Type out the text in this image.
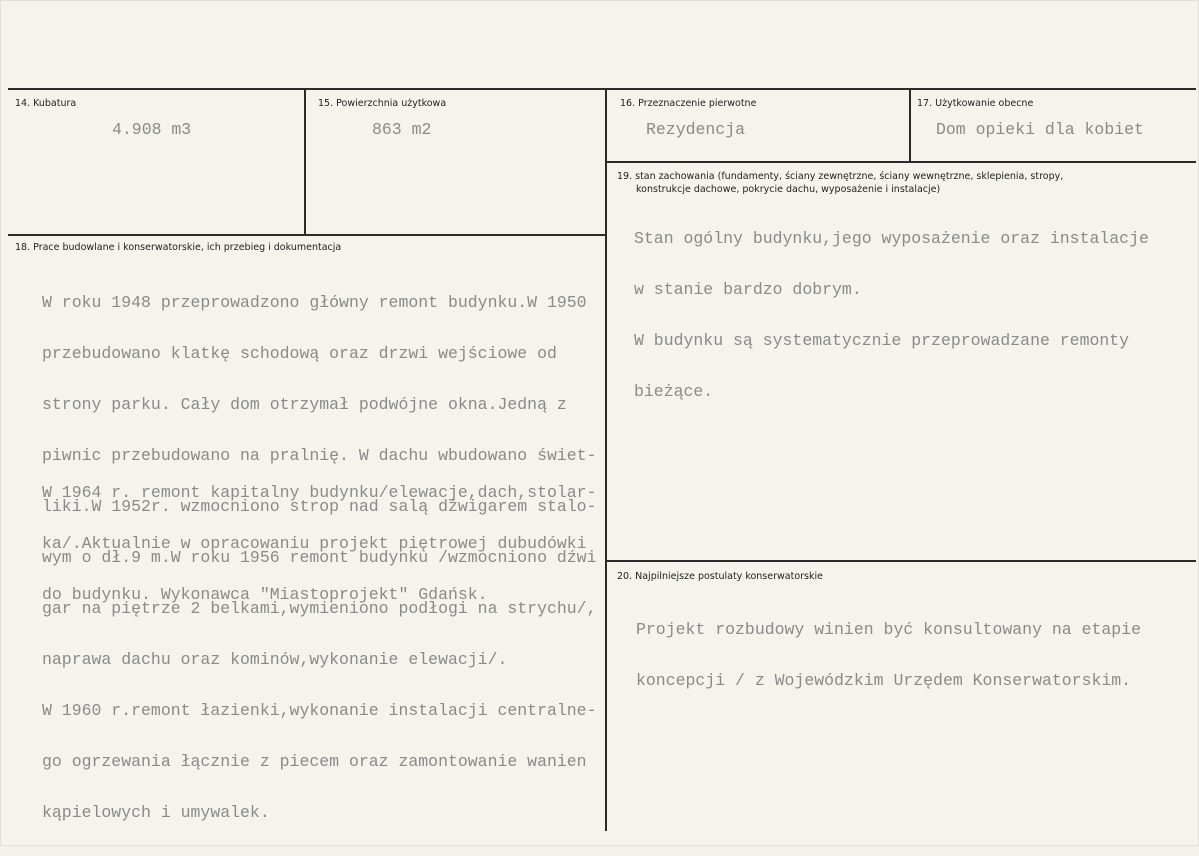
14. Kubatura
4.908 m3
15. Powierzchnia użytkowa
863 m2
16. Przeznaczenie pierwotne
Rezydencja
17. Użytkowanie obecne
Dom opieki dla kobiet
18. Prace budowlane i konserwatorskie, ich przebieg i dokumentacja

W roku 1948 przeprowadzono główny remont budynku.W 1950

przebudowano klatkę schodową oraz drzwi wejściowe od

strony parku. Cały dom otrzymał podwójne okna.Jedną z

piwnic przebudowano na pralnię. W dachu wbudowano świet-

liki.W 1952r. wzmocniono strop nad salą dźwigarem stalo-

wym o dł.9 m.W roku 1956 remont budynku /wzmocniono dźwi

gar na piętrze 2 belkami,wymieniono podłogi na strychu/,

naprawa dachu oraz kominów,wykonanie elewacji/.

W 1960 r.remont łazienki,wykonanie instalacji centralne-

go ogrzewania łącznie z piecem oraz zamontowanie wanien

kąpielowych i umywalek.

W 1964 r. remont kapitalny budynku/elewacje,dach,stolar-

ka/.Aktualnie w opracowaniu projekt piętrowej dubudówki

do budynku. Wykonawca "Miastoprojekt" Gdańsk.

19. stan zachowania (fundamenty, ściany zewnętrzne, ściany wewnętrzne, sklepienia, stropy,
konstrukcje dachowe, pokrycie dachu, wyposażenie i instalacje)

Stan ogólny budynku,jego wyposażenie oraz instalacje

w stanie bardzo dobrym.

W budynku są systematycznie przeprowadzane remonty

bieżące.

20. Najpilniejsze postulaty konserwatorskie

Projekt rozbudowy winien być konsultowany na etapie

koncepcji / z Wojewódzkim Urzędem Konserwatorskim.
